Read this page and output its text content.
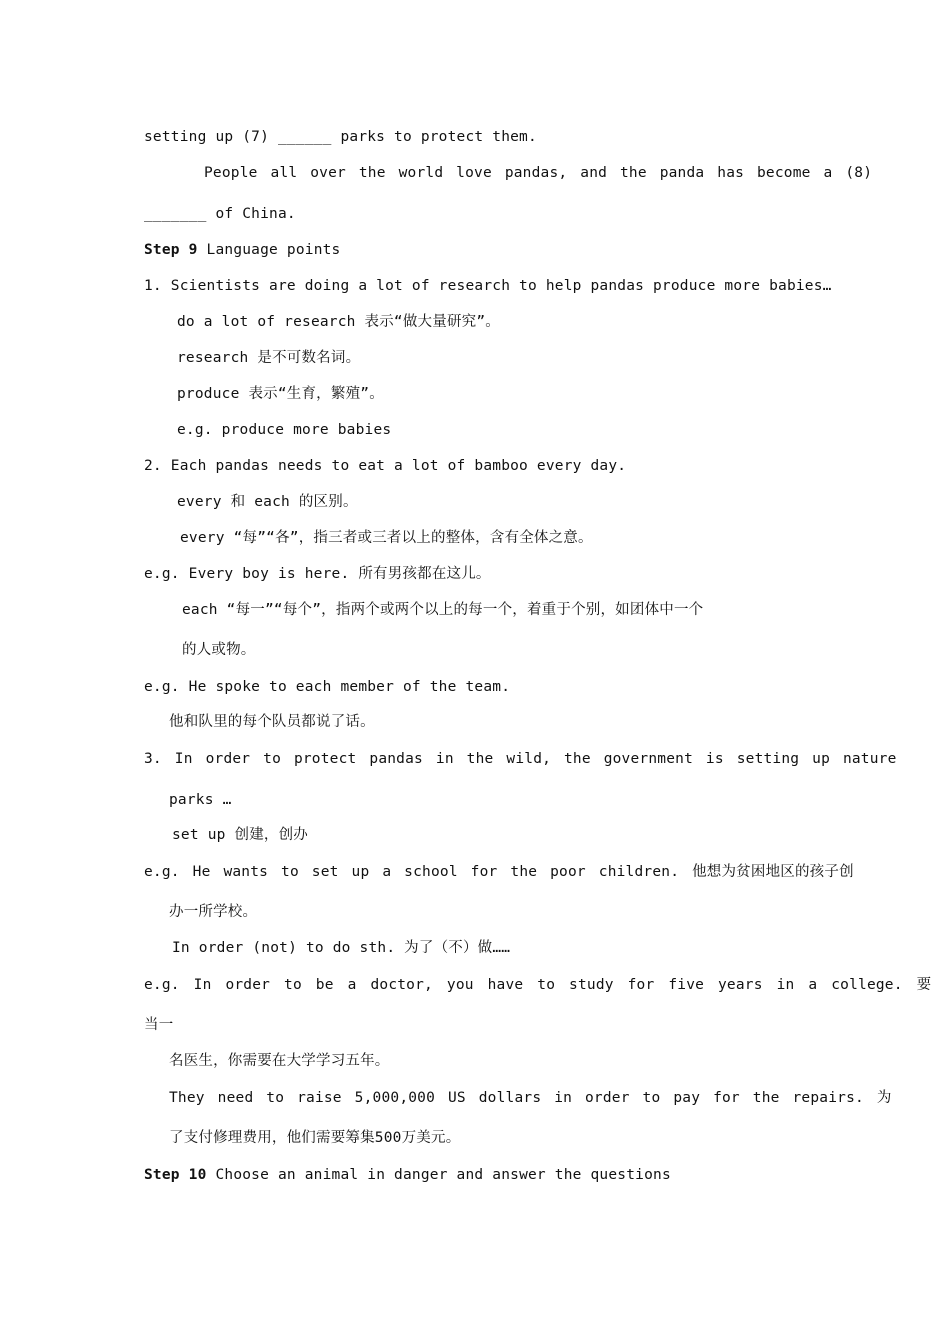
setting up (7) ______ parks to protect them.
People all over the world love pandas, and the panda has become a (8)
_______ of China.
Step 9 Language points
1. Scientists are doing a lot of research to help pandas produce more babies…
do a lot of research 表示“做大量研究”。
research 是不可数名词。
produce 表示“生育，繁殖”。
e.g. produce more babies
2. Each pandas needs to eat a lot of bamboo every day.
every 和 each 的区别。
every “每”“各”，指三者或三者以上的整体，含有全体之意。
e.g. Every boy is here. 所有男孩都在这儿。
each “每一”“每个”，指两个或两个以上的每一个，着重于个别，如团体中一个
的人或物。
e.g. He spoke to each member of the team.
他和队里的每个队员都说了话。
3. In order to protect pandas in the wild, the government is setting up nature
parks …
set up 创建，创办
e.g. He wants to set up a school for the poor children. 他想为贫困地区的孩子创
办一所学校。
In order (not) to do sth. 为了（不）做……
e.g. In order to be a doctor, you have to study for five years in a college. 要
当一
名医生，你需要在大学学习五年。
They need to raise 5,000,000 US dollars in order to pay for the repairs. 为
了支付修理费用，他们需要筹集500万美元。
Step 10 Choose an animal in danger and answer the questions
